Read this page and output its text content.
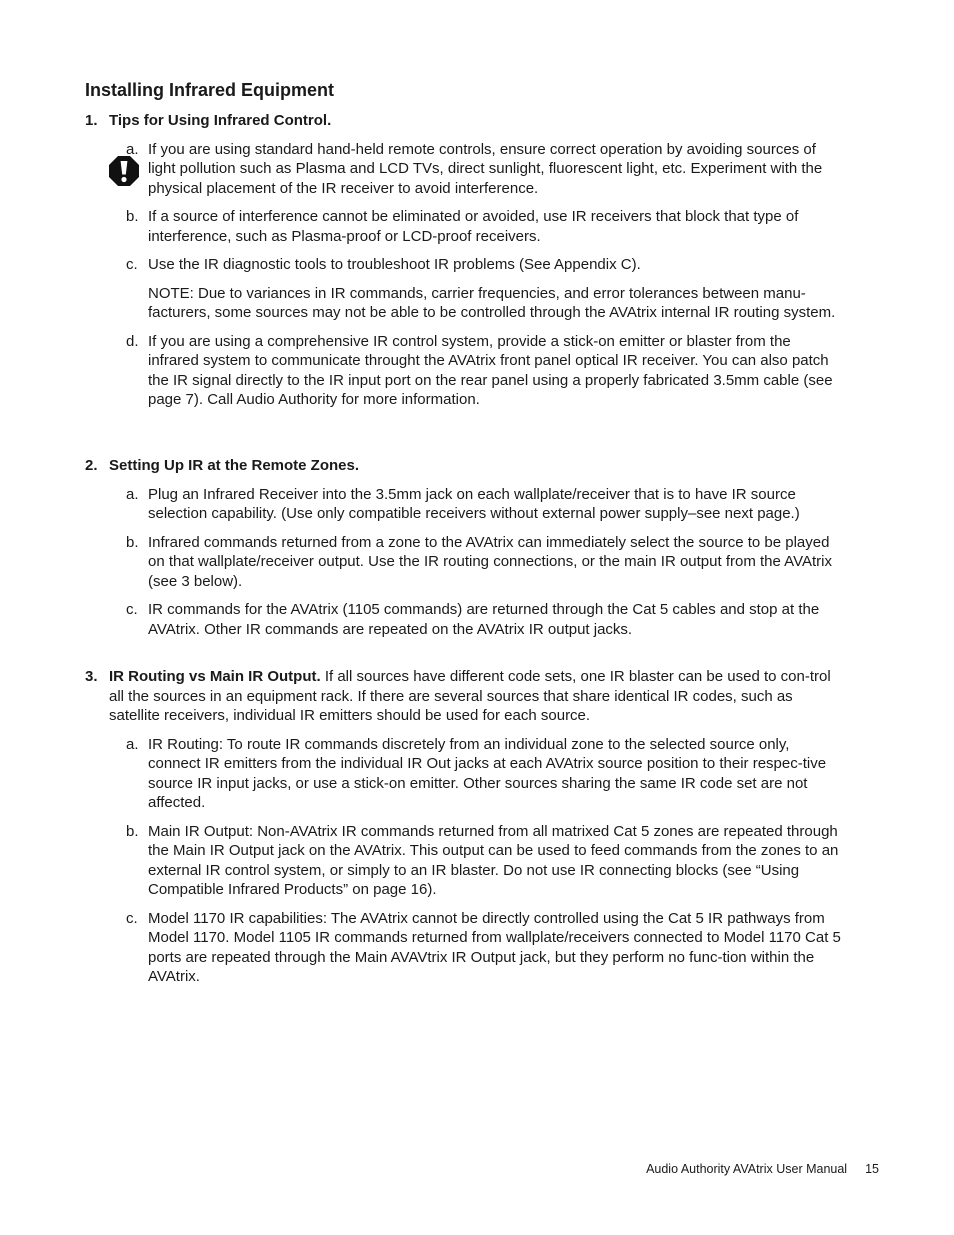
Installing Infrared Equipment
1. Tips for Using Infrared Control.
a. If you are using standard hand-held remote controls, ensure correct operation by avoiding sources of light pollution such as Plasma and LCD TVs, direct sunlight, fluorescent light, etc. Experiment with the physical placement of the IR receiver to avoid interference.
b. If a source of interference cannot be eliminated or avoided, use IR receivers that block that type of interference, such as Plasma-proof or LCD-proof receivers.
c. Use the IR diagnostic tools to troubleshoot IR problems (See Appendix C).
NOTE: Due to variances in IR commands, carrier frequencies, and error tolerances between manu-facturers, some sources may not be able to be controlled through the AVAtrix internal IR routing system.
d. If you are using a comprehensive IR control system, provide a stick-on emitter or blaster from the infrared system to communicate throught the AVAtrix front panel optical IR receiver. You can also patch the IR signal directly to the IR input port on the rear panel using a properly fabricated 3.5mm cable (see page 7). Call Audio Authority for more information.
2. Setting Up IR at the Remote Zones.
a. Plug an Infrared Receiver into the 3.5mm jack on each wallplate/receiver that is to have IR source selection capability. (Use only compatible receivers without external power supply–see next page.)
b. Infrared commands returned from a zone to the AVAtrix can immediately select the source to be played on that wallplate/receiver output. Use the IR routing connections, or the main IR output from the AVAtrix (see 3 below).
c. IR commands for the AVAtrix (1105 commands) are returned through the Cat 5 cables and stop at the AVAtrix. Other IR commands are repeated on the AVAtrix IR output jacks.
3. IR Routing vs Main IR Output. If all sources have different code sets, one IR blaster can be used to con-trol all the sources in an equipment rack. If there are several sources that share identical IR codes, such as satellite receivers, individual IR emitters should be used for each source.
a. IR Routing: To route IR commands discretely from an individual zone to the selected source only, connect IR emitters from the individual IR Out jacks at each AVAtrix source position to their respec-tive source IR input jacks, or use a stick-on emitter. Other sources sharing the same IR code set are not affected.
b. Main IR Output: Non-AVAtrix IR commands returned from all matrixed Cat 5 zones are repeated through the Main IR Output jack on the AVAtrix. This output can be used to feed commands from the zones to an external IR control system, or simply to an IR blaster. Do not use IR connecting blocks (see “Using Compatible Infrared Products” on page 16).
c. Model 1170 IR capabilities: The AVAtrix cannot be directly controlled using the Cat 5 IR pathways from Model 1170. Model 1105 IR commands returned from wallplate/receivers connected to Model 1170 Cat 5 ports are repeated through the Main AVAVtrix IR Output jack, but they perform no func-tion within the AVAtrix.
Audio Authority AVAtrix User Manual 15
